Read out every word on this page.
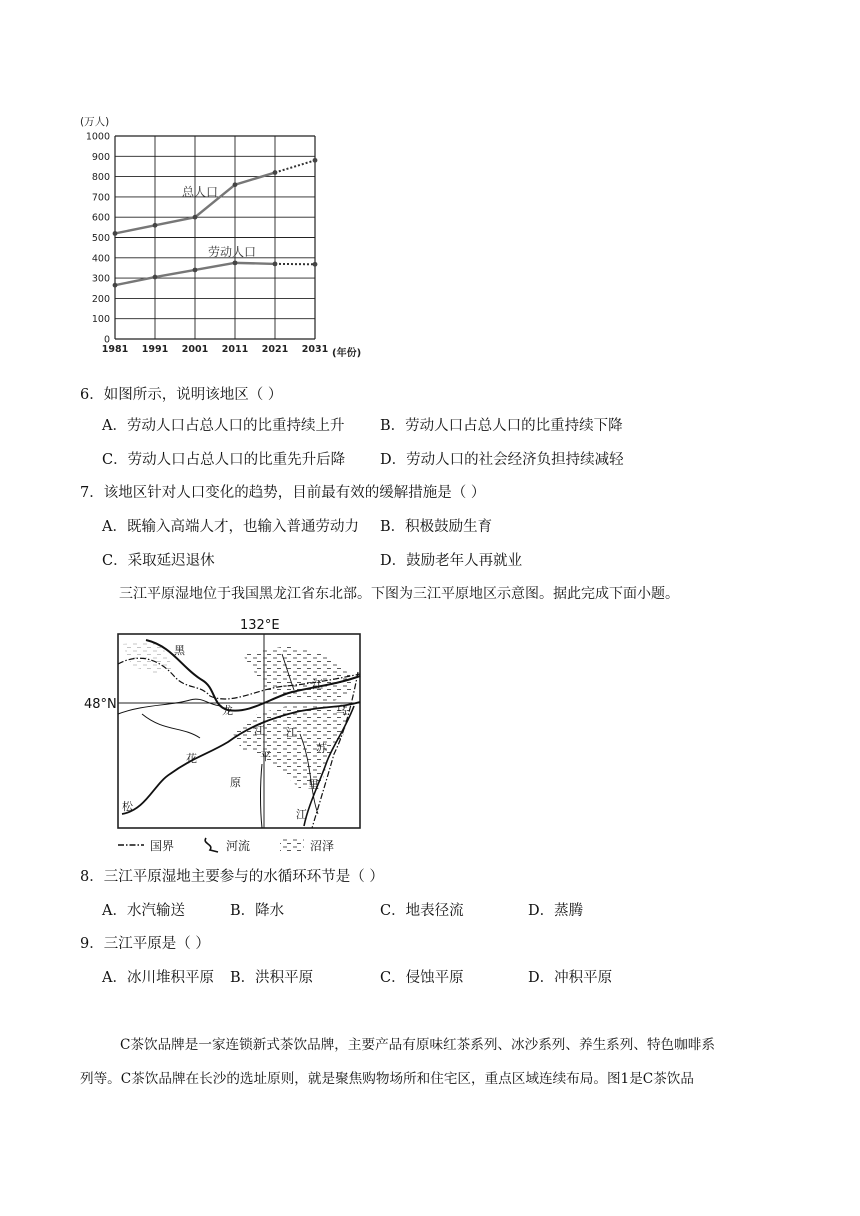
(万人)
0
100
200
300
400
500
600
700
800
900
1000
1981 1991 2001 2011 2021 2031 (年份)
总人口
劳动人口
6．如图所示，说明该地区（ ）
A．劳动人口占总人口的比重持续上升 B．劳动人口占总人口的比重持续下降
C．劳动人口占总人口的比重先升后降 D．劳动人口的社会经济负担持续减轻
7．该地区针对人口变化的趋势，目前最有效的缓解措施是（ ）
A．既输入高端人才，也输入普通劳动力 B．积极鼓励生育
C．采取延迟退休	D．鼓励老年人再就业
三江平原湿地位于我国黑龙江省东北部。下图为三江平原地区示意图。据此完成下面小题。
132°E
48°N
黑
龙
江
江
乌
江
平
原
苏
里
江
花
松
国界	河流	沼泽
8．三江平原湿地主要参与的水循环环节是（ ）
A．水汽输送	B．降水	C．地表径流	D．蒸腾
9．三江平原是（ ）
A．冰川堆积平原 B．洪积平原	C．侵蚀平原	D．冲积平原

C茶饮品牌是一家连锁新式茶饮品牌，主要产品有原味红茶系列、冰沙系列、养生系列、特色咖啡系

列等。C茶饮品牌在长沙的选址原则，就是聚焦购物场所和住宅区，重点区域连续布局。图1是C茶饮品
